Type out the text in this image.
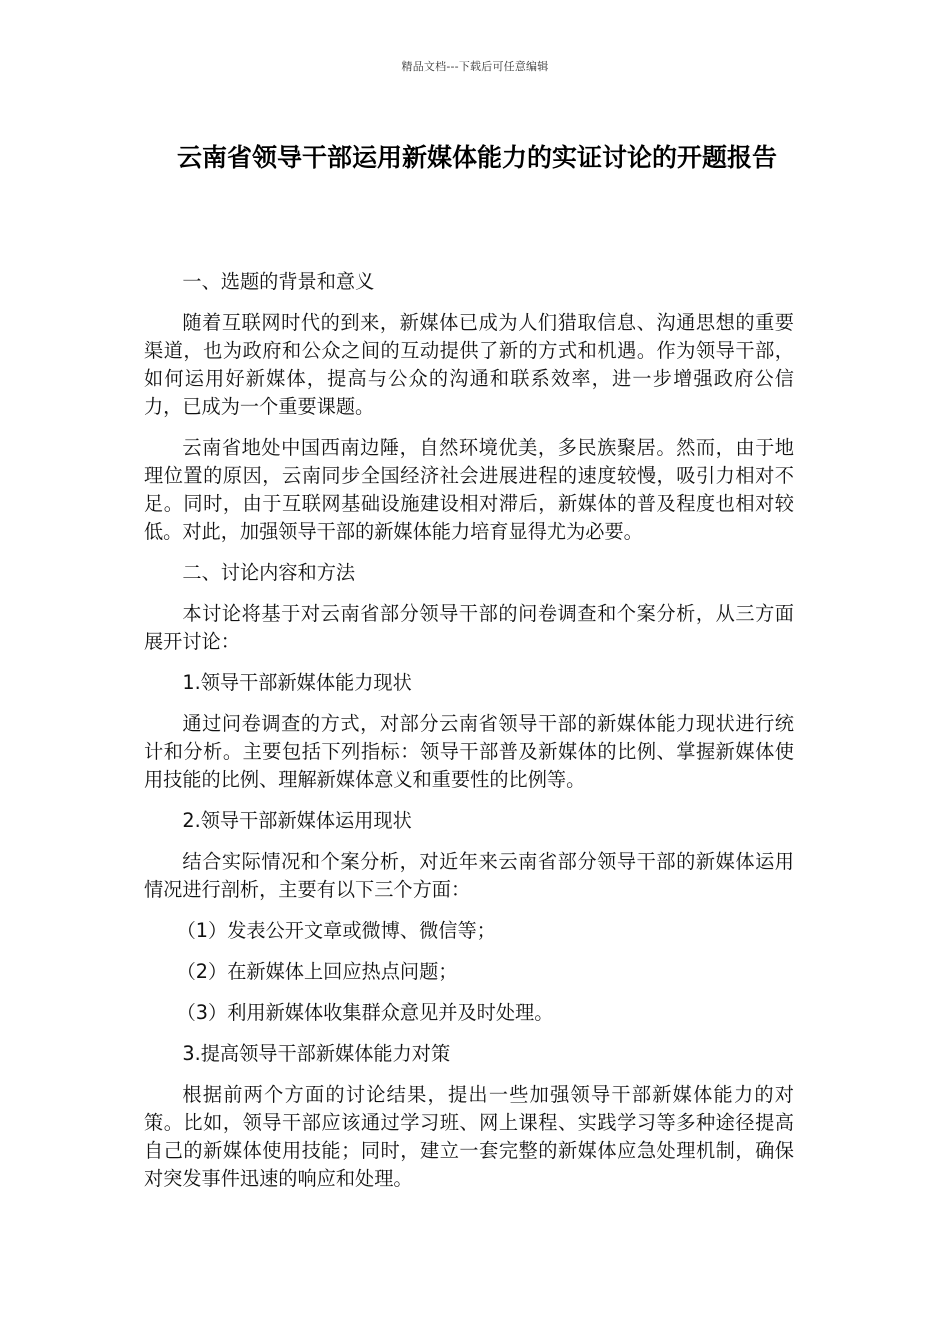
精品文档---下载后可任意编辑
云南省领导干部运用新媒体能力的实证讨论的开题报告

一、选题的背景和意义

随着互联网时代的到来，新媒体已成为人们猎取信息、沟通思想的重要渠道，也为政府和公众之间的互动提供了新的方式和机遇。作为领导干部，如何运用好新媒体，提高与公众的沟通和联系效率，进一步增强政府公信力，已成为一个重要课题。

云南省地处中国西南边陲，自然环境优美，多民族聚居。然而，由于地理位置的原因，云南同步全国经济社会进展进程的速度较慢，吸引力相对不足。同时，由于互联网基础设施建设相对滞后，新媒体的普及程度也相对较低。对此，加强领导干部的新媒体能力培育显得尤为必要。

二、讨论内容和方法

本讨论将基于对云南省部分领导干部的问卷调查和个案分析，从三方面展开讨论：

1.领导干部新媒体能力现状

通过问卷调查的方式，对部分云南省领导干部的新媒体能力现状进行统计和分析。主要包括下列指标：领导干部普及新媒体的比例、掌握新媒体使用技能的比例、理解新媒体意义和重要性的比例等。

2.领导干部新媒体运用现状

结合实际情况和个案分析，对近年来云南省部分领导干部的新媒体运用情况进行剖析，主要有以下三个方面：

（1）发表公开文章或微博、微信等；

（2）在新媒体上回应热点问题；

（3）利用新媒体收集群众意见并及时处理。

3.提高领导干部新媒体能力对策

根据前两个方面的讨论结果，提出一些加强领导干部新媒体能力的对策。比如，领导干部应该通过学习班、网上课程、实践学习等多种途径提高自己的新媒体使用技能；同时，建立一套完整的新媒体应急处理机制，确保对突发事件迅速的响应和处理。
